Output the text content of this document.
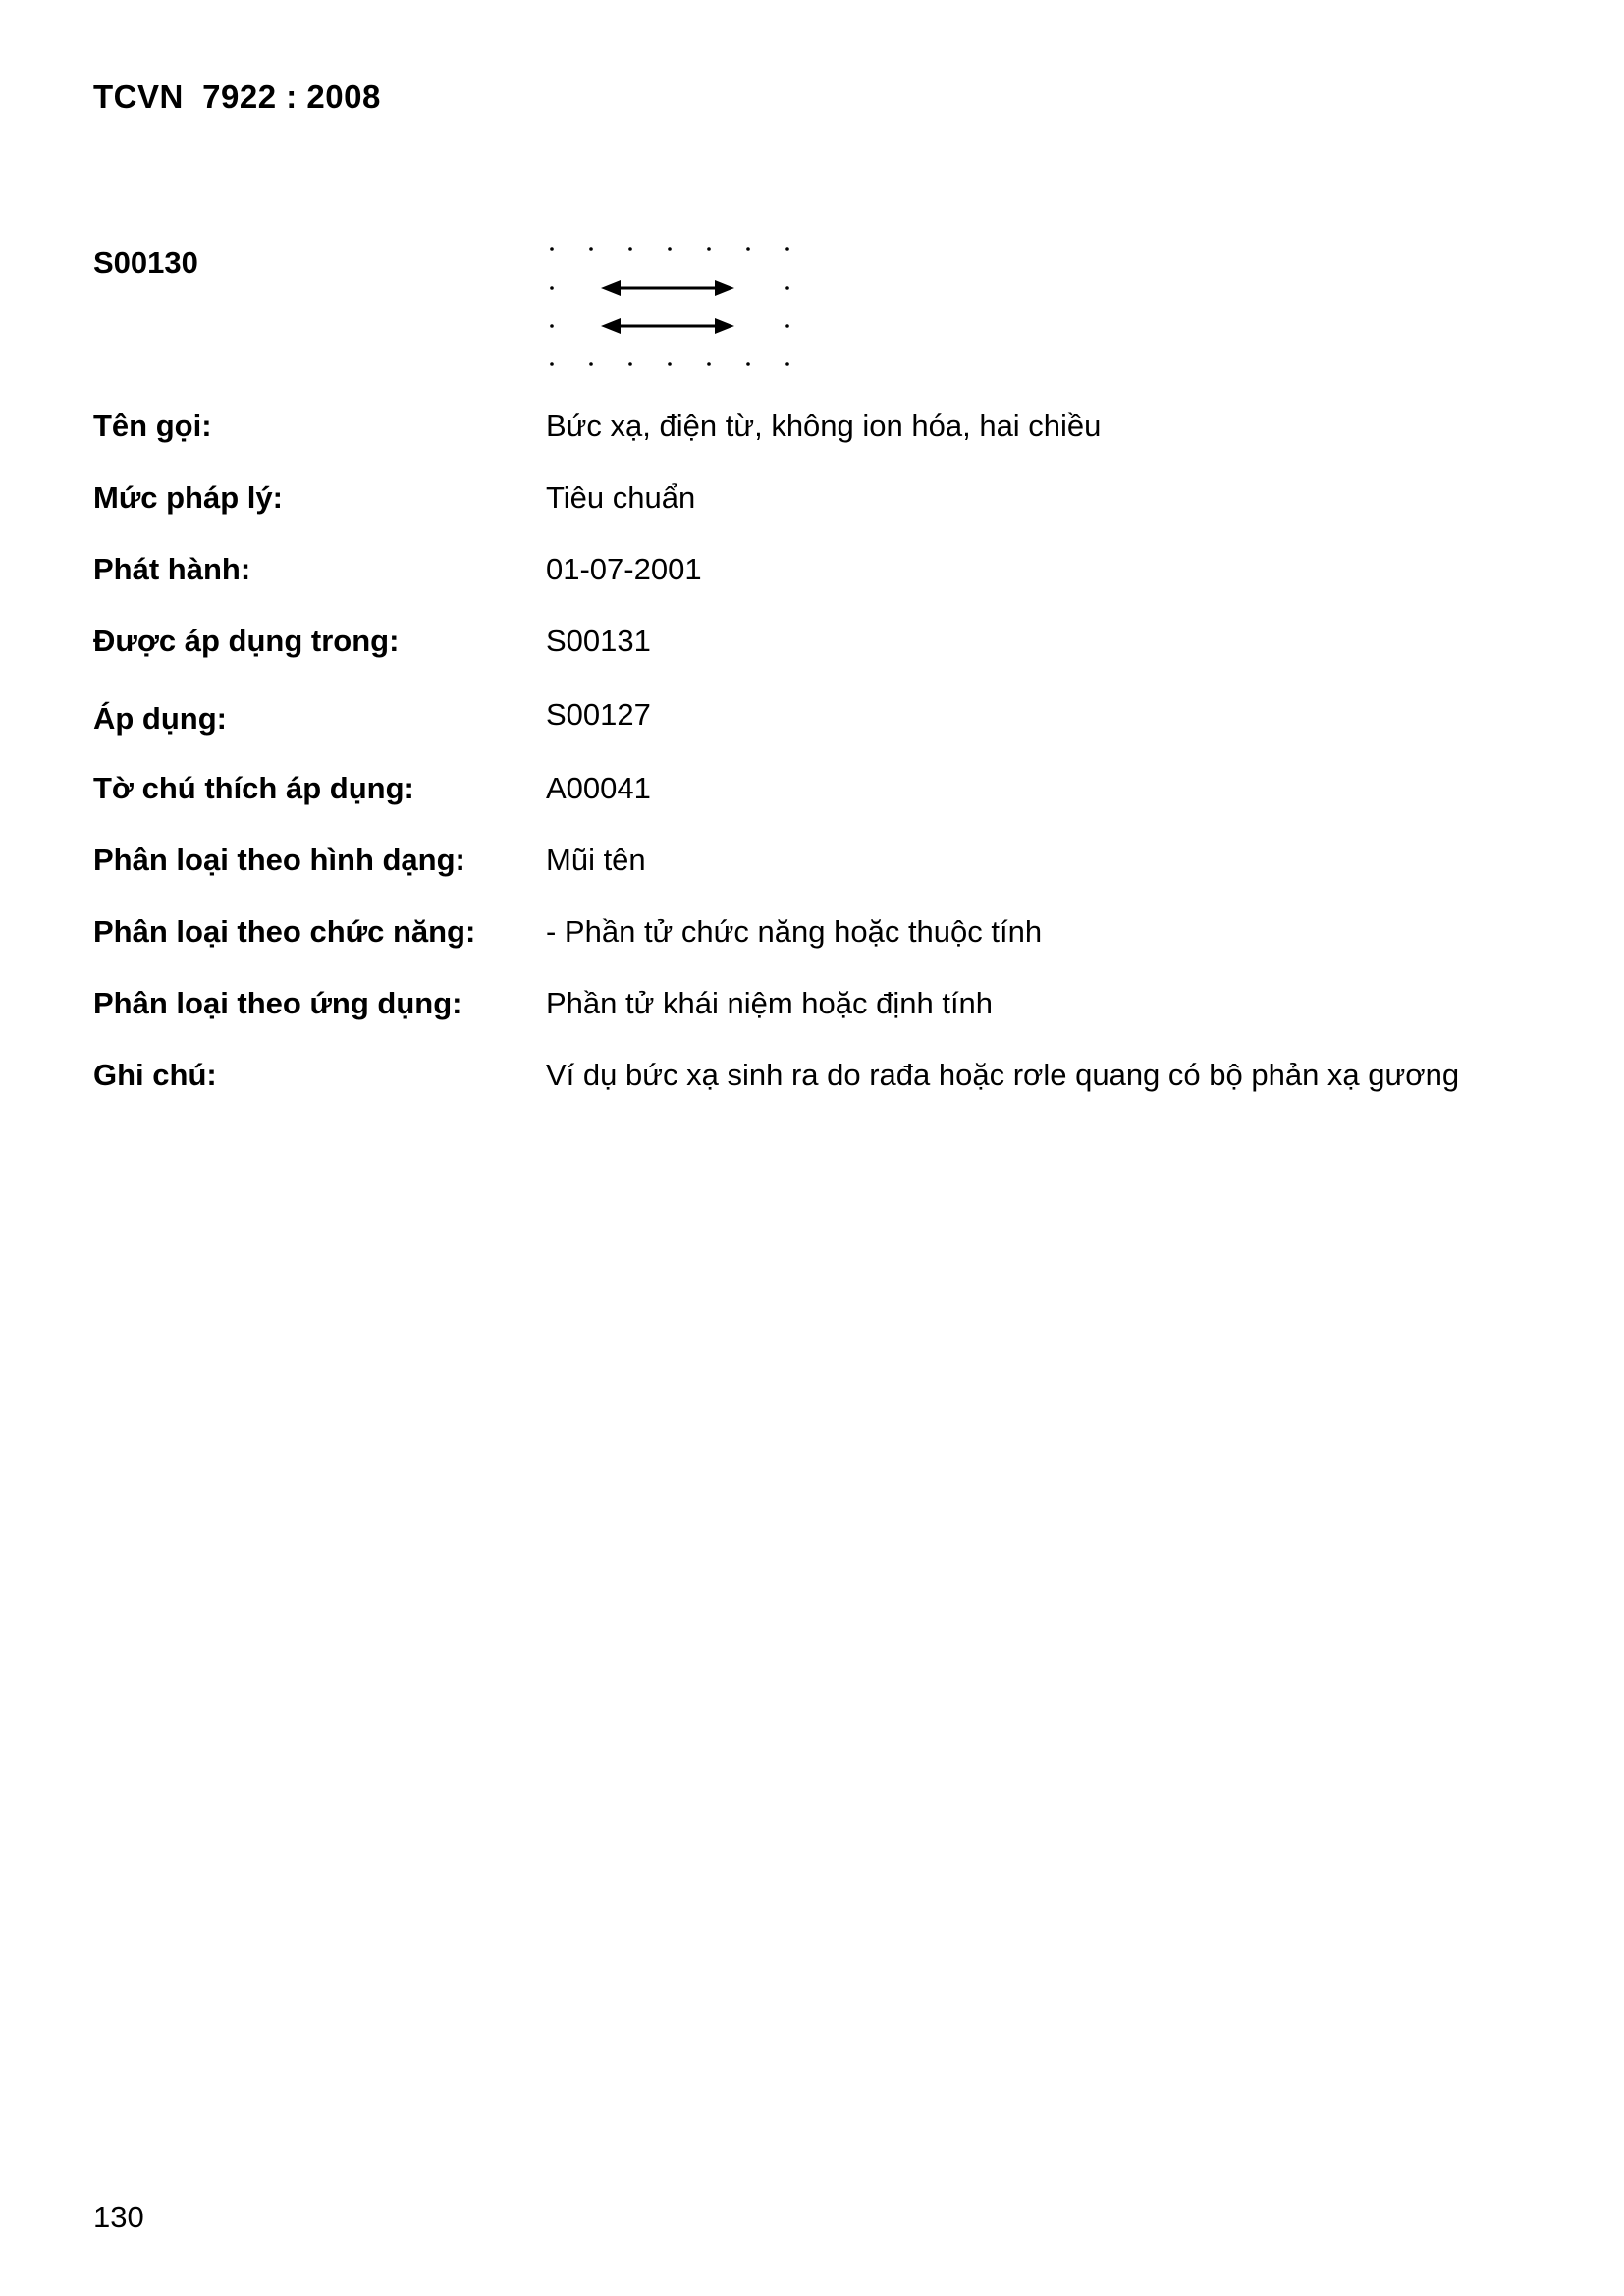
TCVN  7922 : 2008
S00130
Tên gọi:	Bức xạ, điện từ, không ion hóa, hai chiều
Mức pháp lý:	Tiêu chuẩn
Phát hành:	01-07-2001
Được áp dụng trong:	S00131
Áp dụng:	S00127
Tờ chú thích áp dụng:	A00041
Phân loại theo hình dạng:	Mũi tên
Phân loại theo chức năng: - Phần tử chức năng hoặc thuộc tính
Phân loại theo ứng dụng:	Phần tử khái niệm hoặc định tính
Ghi chú:	Ví dụ bức xạ sinh ra do rađa hoặc rơle quang có bộ phản xạ gương
130
